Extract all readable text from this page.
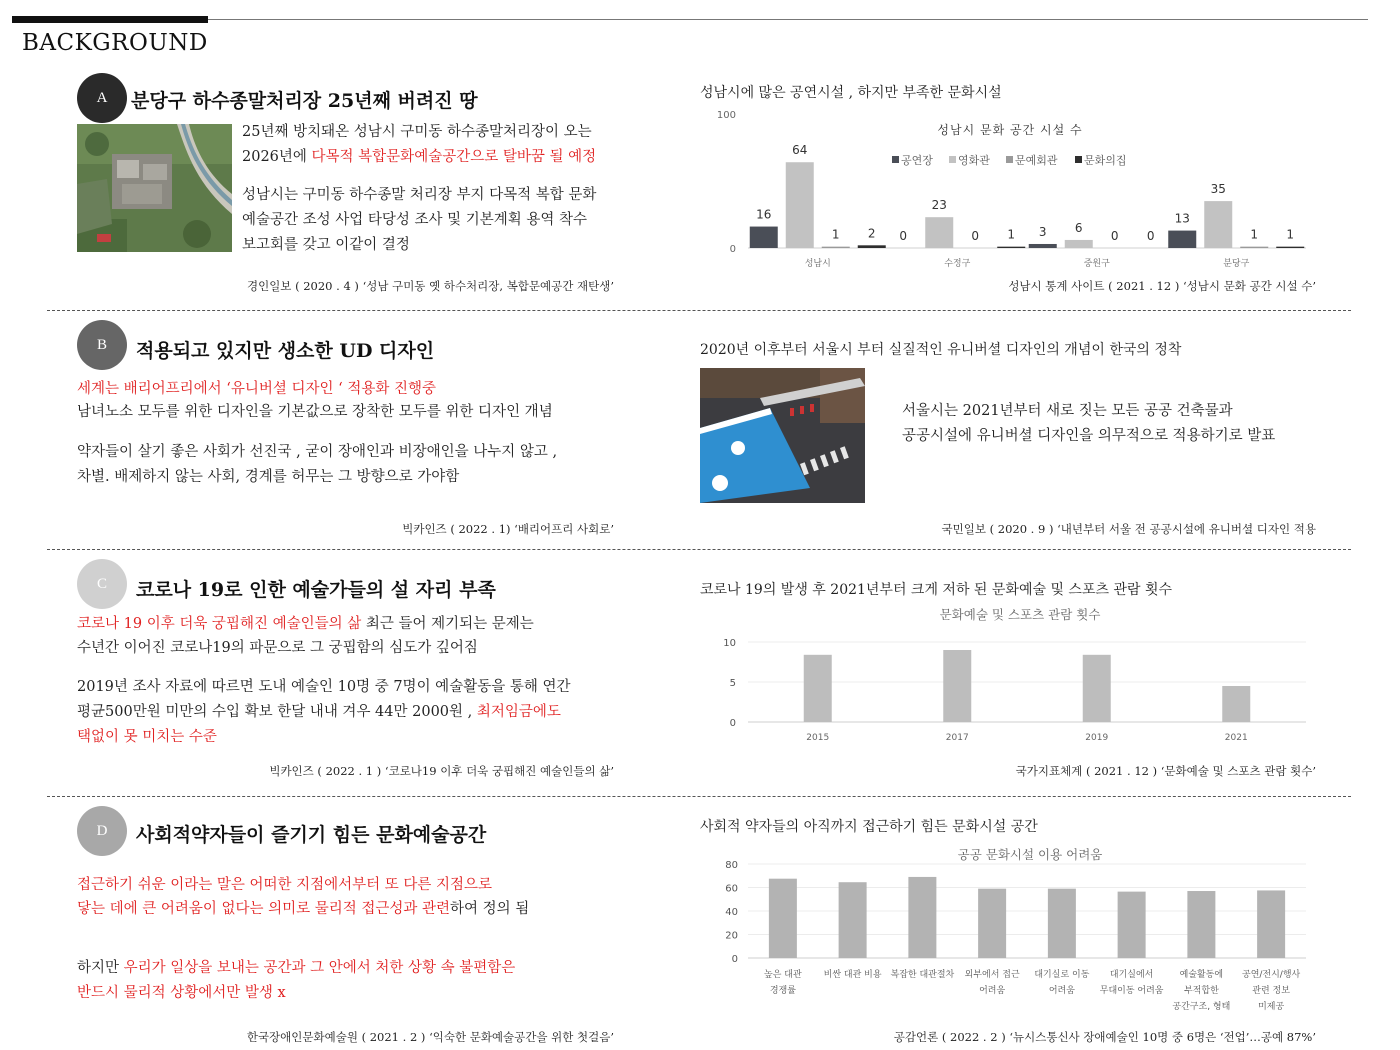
BACKGROUND
A	분당구 하수종말처리장 25년째 버려진 땅
25년째 방치돼온 성남시 구미동 하수종말처리장이 오는
2026년에 다목적 복합문화예술공간으로 탈바꿈 될 예정
성남시는 구미동 하수종말 처리장 부지 다목적 복합 문화
예술공간 조성 사업 타당성 조사 및 기본계획 용역 착수
보고회를 갖고 이같이 결정
경인일보 ( 2020 . 4 ) ‘성남 구미동 옛 하수처리장, 복합문예공간 재탄생’
성남시에 많은 공연시설 , 하지만 부족한 문화시설
0
100
성남시 문화 공간 시설 수
공연장 영화관 문예회관 문화의집
16
64
1 2
성남시
0
23
0 1
수정구
3 6
0 0
중원구
13
35
1 1
분당구
성남시 통계 사이트 ( 2021 . 12 ) ‘성남시 문화 공간 시설 수’
B	적용되고 있지만 생소한 UD 디자인
세계는 배리어프리에서 ‘유니버셜 디자인 ‘ 적용화 진행중
남녀노소 모두를 위한 디자인을 기본값으로 장착한 모두를 위한 디자인 개념
약자들이 살기 좋은 사회가 선진국 , 굳이 장애인과 비장애인을 나누지 않고 ,
차별. 배제하지 않는 사회, 경계를 허무는 그 방향으로 가야함
빅카인즈 ( 2022 . 1) ‘배리어프리 사회로’
2020년 이후부터 서울시 부터 실질적인 유니버셜 디자인의 개념이 한국의 정착
서울시는 2021년부터 새로 짓는 모든 공공 건축물과
공공시설에 유니버셜 디자인을 의무적으로 적용하기로 발표
국민일보 ( 2020 . 9 ) ‘내년부터 서울 전 공공시설에 유니버셜 디자인 적용
C	코로나 19로 인한 예술가들의 설 자리 부족
코로나 19 이후 더욱 궁핍해진 예술인들의 삶 최근 들어 제기되는 문제는
수년간 이어진 코로나19의 파문으로 그 궁핍함의 심도가 깊어짐
2019년 조사 자료에 따르면 도내 예술인 10명 중 7명이 예술활동을 통해 연간
평균500만원 미만의 수입 확보 한달 내내 겨우 44만 2000원 , 최저임금에도
택없이 못 미치는 수준
빅카인즈 ( 2022 . 1 ) ‘코로나19 이후 더욱 궁핍해진 예술인들의 삶’
코로나 19의 발생 후 2021년부터 크게 저하 된 문화예술 및 스포츠 관람 횟수
문화예술 및 스포츠 관람 횟수
0
5
10
2015	2017	2019	2021
국가지표체계 ( 2021 . 12 ) ‘문화예술 및 스포츠 관람 횟수’
D	사회적약자들이 즐기기 힘든 문화예술공간
접근하기 쉬운 이라는 말은 어떠한 지점에서부터 또 다른 지점으로
닿는 데에 큰 어려움이 없다는 의미로 물리적 접근성과 관련하여 정의 됨
하지만 우리가 일상을 보내는 공간과 그 안에서 처한 상황 속 불편함은
반드시 물리적 상황에서만 발생 x
한국장애인문화예술원 ( 2021 . 2 ) ‘익숙한 문화예술공간을 위한 첫걸음’
사회적 약자들의 아직까지 접근하기 힘든 문화시설 공간
공공 문화시설 이용 어려움
0
20
40
60
80
높은 대관 경쟁률
비싼 대관 비용 복잡한 대관절차 외부에서 접근 어려움
대기실로 이동 어려움
대기실에서 무대이동 어려움
예술활동에 부적합한 공간구조, 형태
공연/전시/행사 관련 정보 미제공
공감언론 ( 2022 . 2 ) ‘뉴시스통신사 장애예술인 10명 중 6명은 ‘전업’…공예 87%’
